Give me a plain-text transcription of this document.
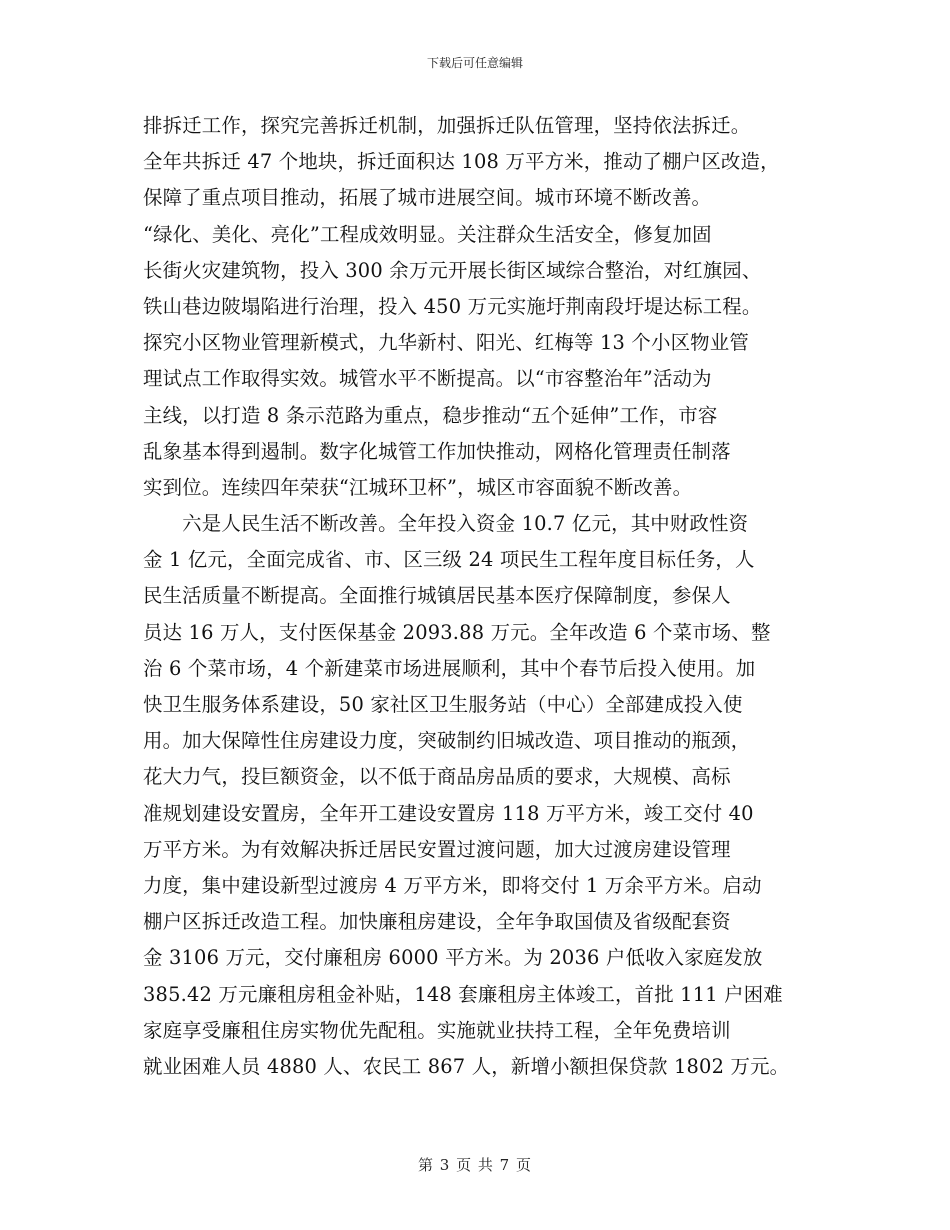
下载后可任意编辑
排拆迁工作，探究完善拆迁机制，加强拆迁队伍管理，坚持依法拆迁。
全年共拆迁 47 个地块，拆迁面积达 108 万平方米，推动了棚户区改造，
保障了重点项目推动，拓展了城市进展空间。城市环境不断改善。
“绿化、美化、亮化”工程成效明显。关注群众生活安全，修复加固
长街火灾建筑物，投入 300 余万元开展长街区域综合整治，对红旗园、
铁山巷边陂塌陷进行治理，投入 450 万元实施圩荆南段圩堤达标工程。
探究小区物业管理新模式，九华新村、阳光、红梅等 13 个小区物业管
理试点工作取得实效。城管水平不断提高。以“市容整治年”活动为
主线，以打造 8 条示范路为重点，稳步推动“五个延伸”工作，市容
乱象基本得到遏制。数字化城管工作加快推动，网格化管理责任制落
实到位。连续四年荣获“江城环卫杯”，城区市容面貌不断改善。
　　六是人民生活不断改善。全年投入资金 10.7 亿元，其中财政性资
金 1 亿元，全面完成省、市、区三级 24 项民生工程年度目标任务，人
民生活质量不断提高。全面推行城镇居民基本医疗保障制度，参保人
员达 16 万人，支付医保基金 2093.88 万元。全年改造 6 个菜市场、整
治 6 个菜市场，4 个新建菜市场进展顺利，其中个春节后投入使用。加
快卫生服务体系建设，50 家社区卫生服务站（中心）全部建成投入使
用。加大保障性住房建设力度，突破制约旧城改造、项目推动的瓶颈，
花大力气，投巨额资金，以不低于商品房品质的要求，大规模、高标
准规划建设安置房，全年开工建设安置房 118 万平方米，竣工交付 40
万平方米。为有效解决拆迁居民安置过渡问题，加大过渡房建设管理
力度，集中建设新型过渡房 4 万平方米，即将交付 1 万余平方米。启动
棚户区拆迁改造工程。加快廉租房建设，全年争取国债及省级配套资
金 3106 万元，交付廉租房 6000 平方米。为 2036 户低收入家庭发放
385.42 万元廉租房租金补贴，148 套廉租房主体竣工，首批 111 户困难
家庭享受廉租住房实物优先配租。实施就业扶持工程，全年免费培训
就业困难人员 4880 人、农民工 867 人，新增小额担保贷款 1802 万元。
第 3 页 共 7 页
